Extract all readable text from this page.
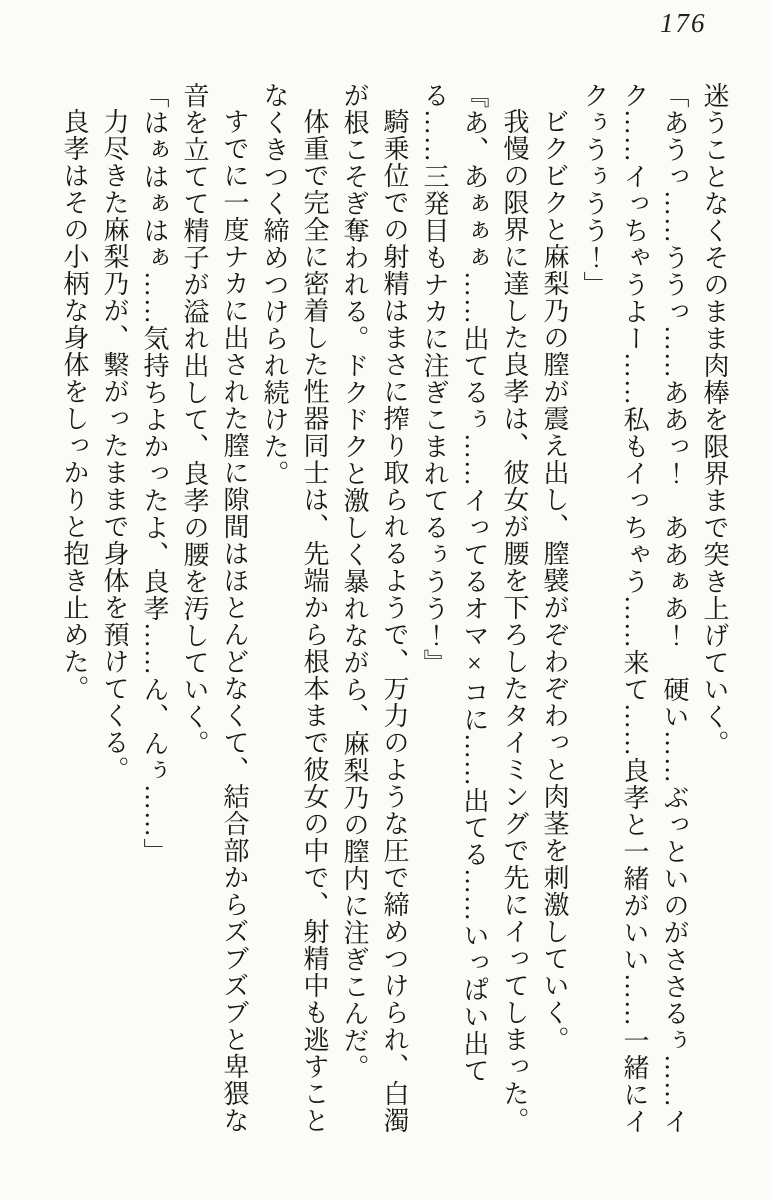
176

迷うことなくそのまま肉棒を限界まで突き上げていく。

「あうっ……ううっ……ああっ！　ああぁあ！　硬い……ぶっといのがささるぅ……イク……イっちゃうよー……私もイっちゃう……来て……良孝と一緒がいい……一緒にイクぅうぅうう！」

ビクビクと麻梨乃の膣が震え出し、膣襞がぞわぞわっと肉茎を刺激していく。

我慢の限界に達した良孝は、彼女が腰を下ろしたタイミングで先にイってしまった。

『あ、あぁぁぁ……出てるぅ……イってるオマ×コに……出てる……いっぱい出てる……三発目もナカに注ぎこまれてるぅうう！』

騎乗位での射精はまさに搾り取られるようで、万力のような圧で締めつけられ、白濁が根こそぎ奪われる。ドクドクと激しく暴れながら、麻梨乃の膣内に注ぎこんだ。

体重で完全に密着した性器同士は、先端から根本まで彼女の中で、射精中も逃すことなくきつく締めつけられ続けた。

すでに一度ナカに出された膣に隙間はほとんどなくて、結合部からズブズブと卑猥な音を立てて精子が溢れ出して、良孝の腰を汚していく。

「はぁはぁはぁ……気持ちよかったよ、良孝……ん、んぅ……」

力尽きた麻梨乃が、繋がったままで身体を預けてくる。

良孝はその小柄な身体をしっかりと抱き止めた。
